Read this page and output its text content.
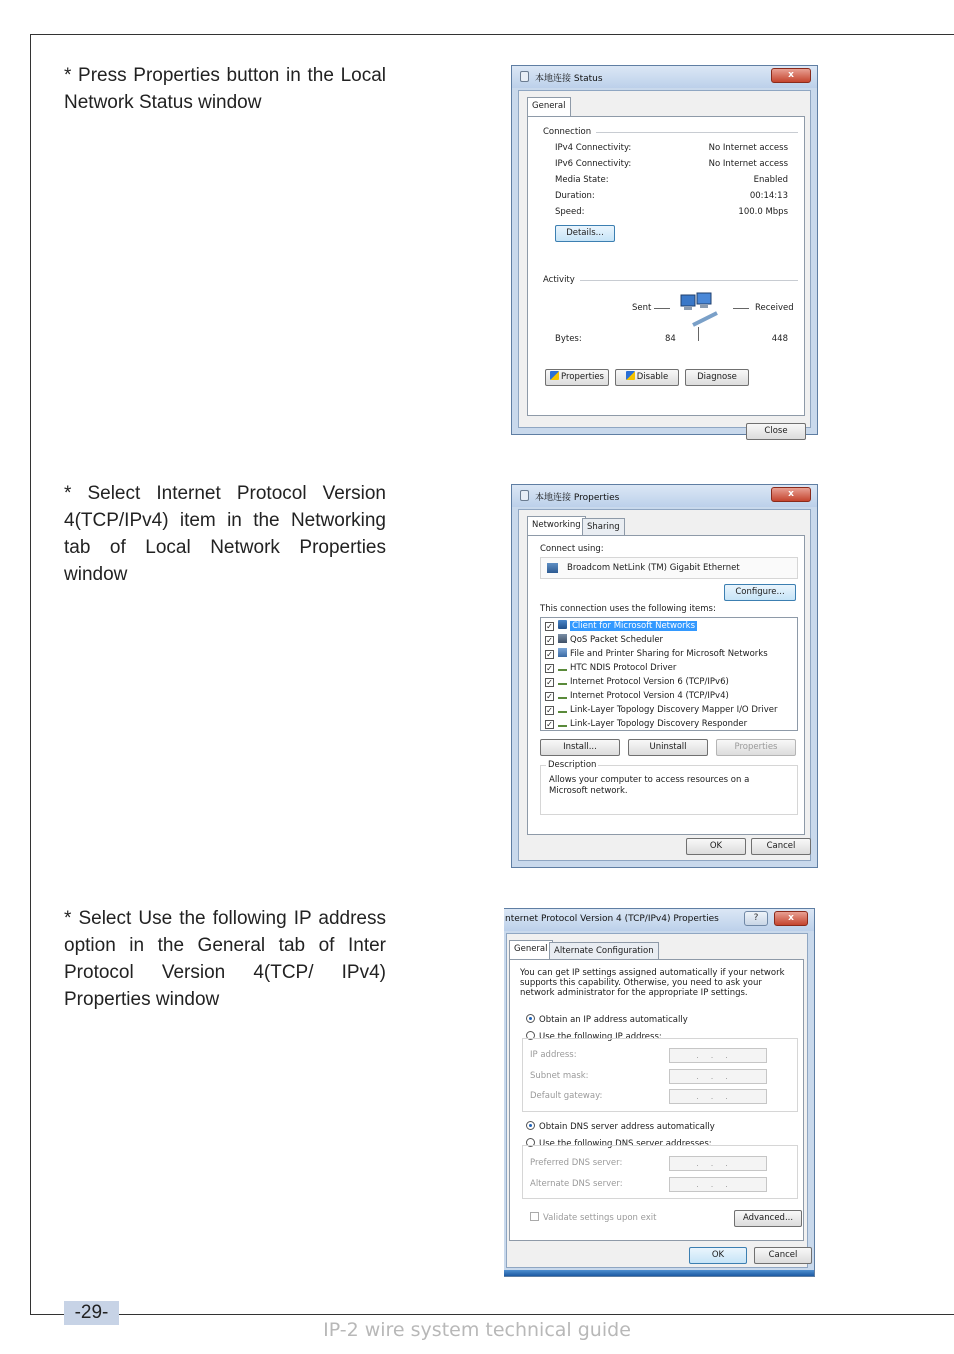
* Press Properties button in the Local Network Status window

* Select Internet Protocol Version 4(TCP/IPv4) item in the Networking tab of Local Network Properties window

* Select Use the following IP address option in the General tab of Inter Protocol Version 4(TCP/ IPv4) Properties window

本地连接 Status	x
General
Connection
IPv4 Connectivity:	No Internet access
IPv6 Connectivity:	No Internet access
Media State:	Enabled
Duration:	00:14:13
Speed:	100.0 Mbps
Details...
Activity
Sent	Received
Bytes:	84	448
Properties	Disable	Diagnose
Close
本地连接 Properties	x
Networking Sharing
Connect using:
Broadcom NetLink (TM) Gigabit Ethernet
Configure...
This connection uses the following items:
✓ Client for Microsoft Networks
✓ QoS Packet Scheduler
✓ File and Printer Sharing for Microsoft Networks
✓ HTC NDIS Protocol Driver
✓ Internet Protocol Version 6 (TCP/IPv6)
✓ Internet Protocol Version 4 (TCP/IPv4)
✓ Link-Layer Topology Discovery Mapper I/O Driver
✓ Link-Layer Topology Discovery Responder
Install...	Uninstall	Properties
Description
Allows your computer to access resources on a Microsoft network.
OK	Cancel
nternet Protocol Version 4 (TCP/IPv4) Properties	?	x
General Alternate Configuration
You can get IP settings assigned automatically if your network supports this capability. Otherwise, you need to ask your network administrator for the appropriate IP settings.
Obtain an IP address automatically
Use the following IP address:
IP address:	...
Subnet mask:	...
Default gateway:	...
Obtain DNS server address automatically
Use the following DNS server addresses:
Preferred DNS server:	...
Alternate DNS server:	...
Validate settings upon exit	Advanced...
OK	Cancel
-29-
IP-2 wire system technical guide
